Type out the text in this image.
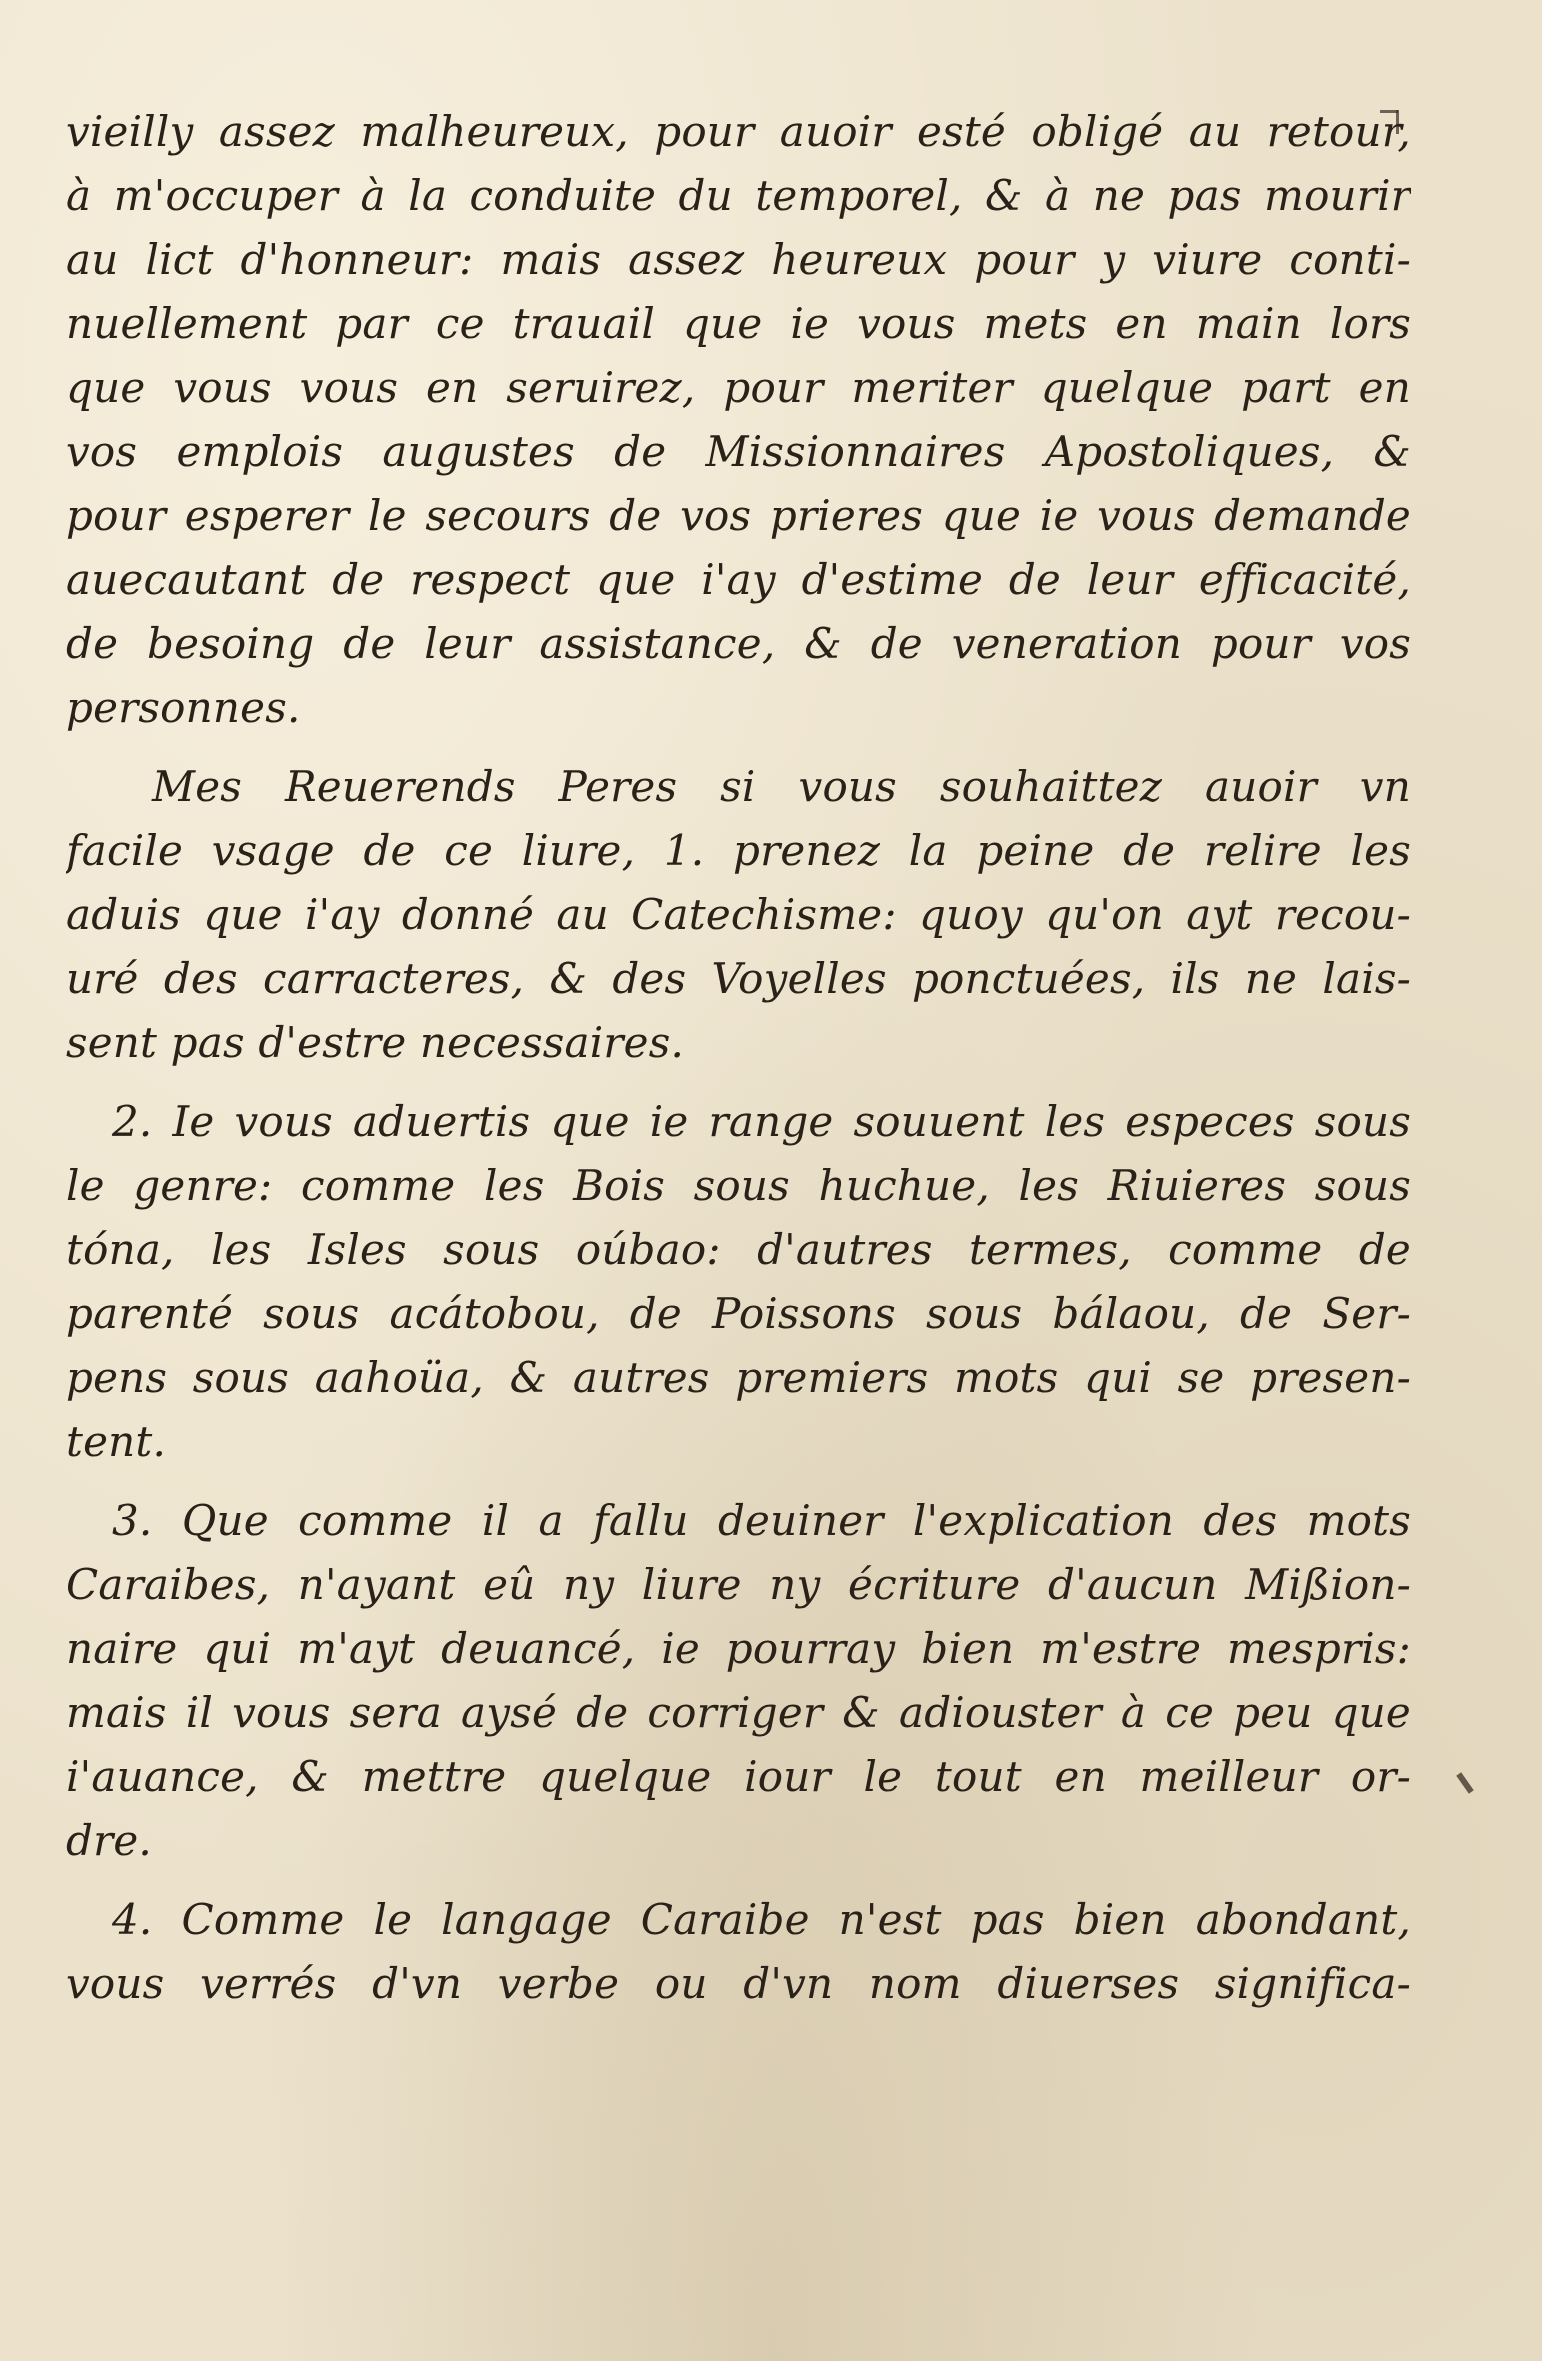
vieilly assez malheureux, pour auoir esté obligé au retour,
à m'occuper à la conduite du temporel, & à ne pas mourir
au lict d'honneur: mais assez heureux pour y viure conti-
nuellement par ce trauail que ie vous mets en main lors
que vous vous en seruirez, pour meriter quelque part en
vos emplois augustes de Missionnaires Apostoliques, &
pour esperer le secours de vos prieres que ie vous demande
auecautant de respect que i'ay d'estime de leur efficacité,
de besoing de leur assistance, & de veneration pour vos
personnes.
Mes Reuerends Peres si vous souhaittez auoir vn
facile vsage de ce liure, 1. prenez la peine de relire les
aduis que i'ay donné au Catechisme: quoy qu'on ayt recou-
uré des carracteres, & des Voyelles ponctuées, ils ne lais-
sent pas d'estre necessaires.
2. Ie vous aduertis que ie range souuent les especes sous
le genre: comme les Bois sous huchue, les Riuieres sous
tóna, les Isles sous oúbao: d'autres termes, comme de
parenté sous acátobou, de Poissons sous bálaou, de Ser-
pens sous aahoüa, & autres premiers mots qui se presen-
tent.
3. Que comme il a fallu deuiner l'explication des mots
Caraibes, n'ayant eû ny liure ny écriture d'aucun Mißion-
naire qui m'ayt deuancé, ie pourray bien m'estre mespris:
mais il vous sera aysé de corriger & adiouster à ce peu que
i'auance, & mettre quelque iour le tout en meilleur or-
dre.
4. Comme le langage Caraibe n'est pas bien abondant,
vous verrés d'vn verbe ou d'vn nom diuerses significa-
